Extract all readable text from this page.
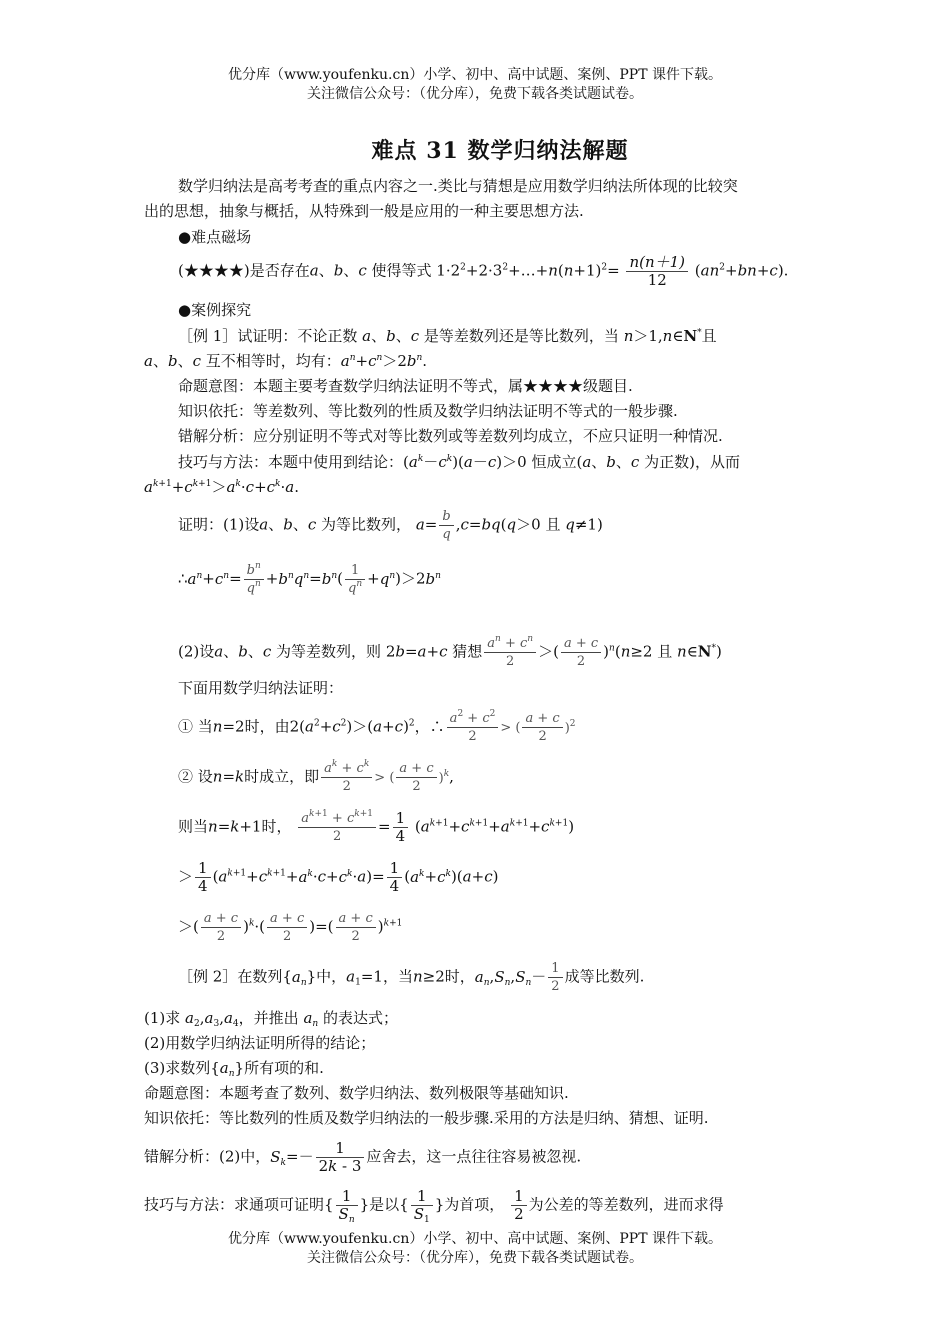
优分库（www.youfenku.cn）小学、初中、高中试题、案例、PPT 课件下载。
关注微信公众号：（优分库），免费下载各类试题试卷。
难点 31 数学归纳法解题
数学归纳法是高考考查的重点内容之一.类比与猜想是应用数学归纳法所体现的比较突
出的思想，抽象与概括，从特殊到一般是应用的一种主要思想方法.
●难点磁场
(★★★★)是否存在a、b、c 使得等式 $1\cdot 2^2+2\cdot 3^2+\dots+n(n+1)^2= \frac{n(n+1)}{12} (an^2+bn+c)$.
●案例探究
［例 1］试证明：不论正数 a、b、c 是等差数列还是等比数列，当 n＞1,n∈N*且
a、b、c 互不相等时，均有：$a^n+c^n>2b^n$.
命题意图：本题主要考查数学归纳法证明不等式，属★★★★级题目.
知识依托：等差数列、等比数列的性质及数学归纳法证明不等式的一般步骤.
错解分析：应分别证明不等式对等比数列或等差数列均成立，不应只证明一种情况.
技巧与方法：本题中使用到结论：$(a^k-c^k)(a-c)>0$ 恒成立(a、b、c 为正数)，从而
$a^{k+1}+c^{k+1}>a^k\cdot c+c^k\cdot a$.
证明：(1)设a、b、c 为等比数列， $a= \frac{b}{q} ,c=bq(q>0$ 且 q≠1)
$\therefore a^n+c^n= \frac{b^n}{q^n} +b^nq^n=b^n( \frac{1}{q^n} +q^n)>2b^n$
(2)设a、b、c 为等差数列，则 2b=a+c 猜想 $\frac{a^n + c^n}{2}$ ＞( $\frac{a + c}{2} )^n(n\ge 2$ 且 n∈N*)
下面用数学归纳法证明：
① 当n=2时，由$2(a^2+c^2)>(a+c)^2$，∴ $\frac{a^2 + c^2}{2}$ > ( $\frac{a + c}{2} )^2$
② 设n=k时成立，即 $\frac{a^k + c^k}{2}$ > ( $\frac{a + c}{2} )^k$,
则当n=k+1时， $\frac{a^{k+1} + c^{k+1}}{2} = \frac{1}{4} (a^{k+1}+c^{k+1}+a^{k+1}+c^{k+1})$
＞ $\frac{1}{4} (a^{k+1}+c^{k+1}+a^k\cdot c+c^k\cdot a)= \frac{1}{4} (a^k+c^k)(a+c)$
＞( $\frac{a + c}{2} )^k\cdot( \frac{a + c}{2}$ )=( $\frac{a + c}{2} )^{k+1}$
［例 2］在数列$\{a_n\}$中，$a_1=1$，当n≥2时，$a_n,S_n,S_n- \frac{1}{2}$ 成等比数列.
(1)求 $a_2,a_3,a_4$，并推出 $a_n$ 的表达式；
(2)用数学归纳法证明所得的结论；
(3)求数列$\{a_n\}$所有项的和.
命题意图：本题考查了数列、数学归纳法、数列极限等基础知识.
知识依托：等比数列的性质及数学归纳法的一般步骤.采用的方法是归纳、猜想、证明.
错解分析：(2)中，$S_k=- \frac{1}{2k - 3}$ 应舍去，这一点往往容易被忽视.
技巧与方法：求通项可证明{ $\frac{1}{S_n}$ }是以{ $\frac{1}{S_1}$ }为首项， $\frac{1}{2}$ 为公差的等差数列，进而求得
优分库（www.youfenku.cn）小学、初中、高中试题、案例、PPT 课件下载。
关注微信公众号：（优分库），免费下载各类试题试卷。
